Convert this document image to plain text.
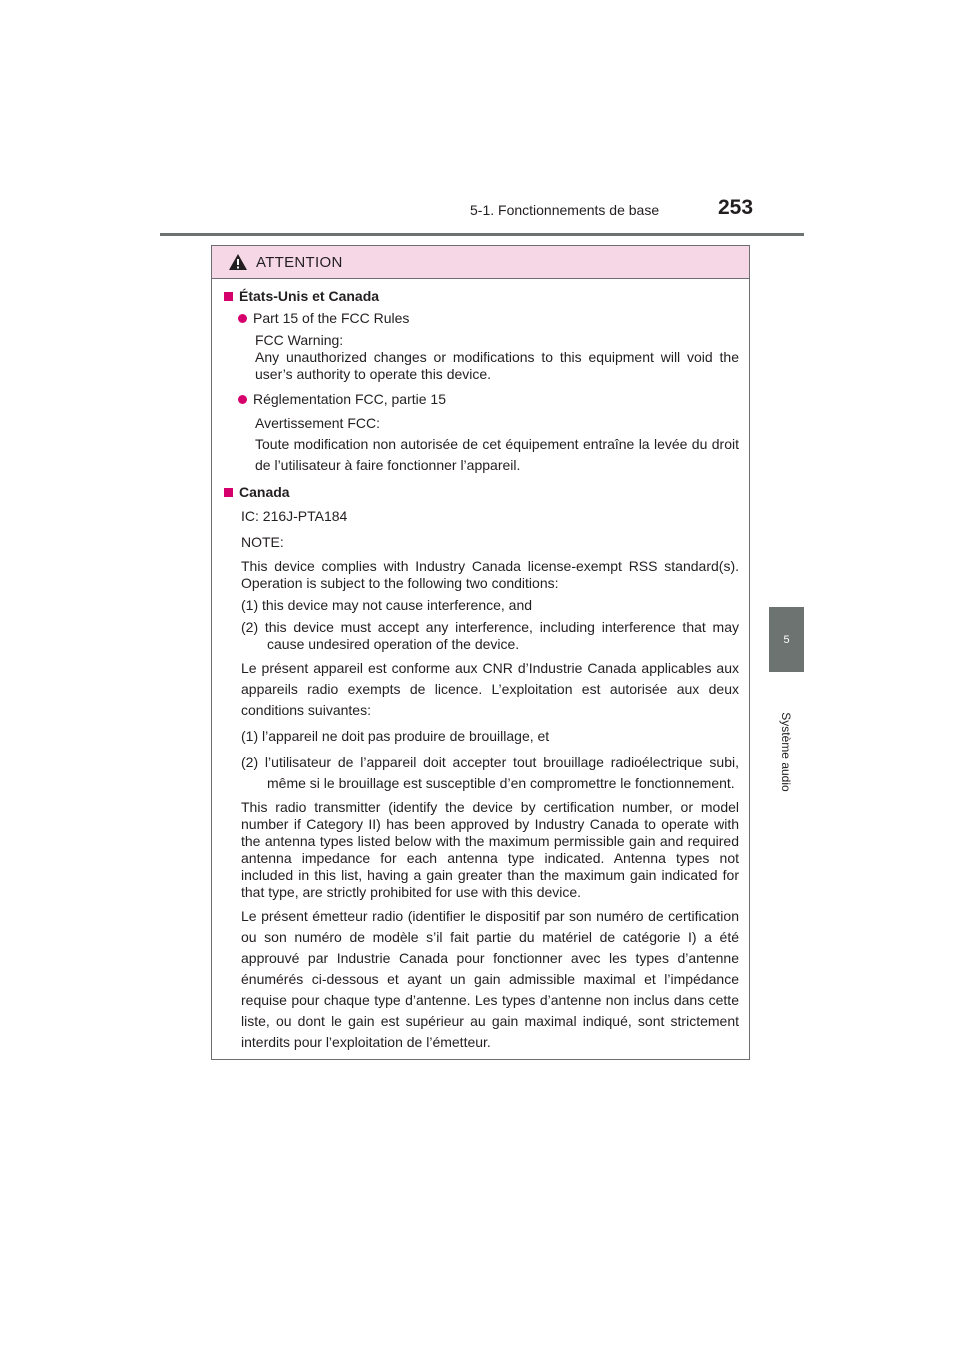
5-1. Fonctionnements de base	253
5
Système audio
ATTENTION
États-Unis et Canada
Part 15 of the FCC Rules
FCC Warning:
Any unauthorized changes or modifications to this equipment will void the user’s authority to operate this device.
Réglementation FCC, partie 15
Avertissement FCC:
Toute modification non autorisée de cet équipement entraîne la levée du droit de l’utilisateur à faire fonctionner l’appareil.
Canada
IC: 216J-PTA184
NOTE:
This device complies with Industry Canada license-exempt RSS standard(s). Operation is subject to the following two conditions:
(1) this device may not cause interference, and
(2) this device must accept any interference, including interference that may cause undesired operation of the device.
Le présent appareil est conforme aux CNR d’Industrie Canada applicables aux appareils radio exempts de licence. L’exploitation est autorisée aux deux conditions suivantes:
(1) l’appareil ne doit pas produire de brouillage, et
(2) l’utilisateur de l’appareil doit accepter tout brouillage radioélectrique subi, même si le brouillage est susceptible d’en compromettre le fonctionnement.
This radio transmitter (identify the device by certification number, or model number if Category II) has been approved by Industry Canada to operate with the antenna types listed below with the maximum permissible gain and required antenna impedance for each antenna type indicated. Antenna types not included in this list, having a gain greater than the maximum gain indicated for that type, are strictly prohibited for use with this device.
Le présent émetteur radio (identifier le dispositif par son numéro de certification ou son numéro de modèle s’il fait partie du matériel de catégorie I) a été approuvé par Industrie Canada pour fonctionner avec les types d’antenne énumérés ci-dessous et ayant un gain admissible maximal et l’impédance requise pour chaque type d’antenne. Les types d’antenne non inclus dans cette liste, ou dont le gain est supérieur au gain maximal indiqué, sont strictement interdits pour l’exploitation de l’émetteur.
